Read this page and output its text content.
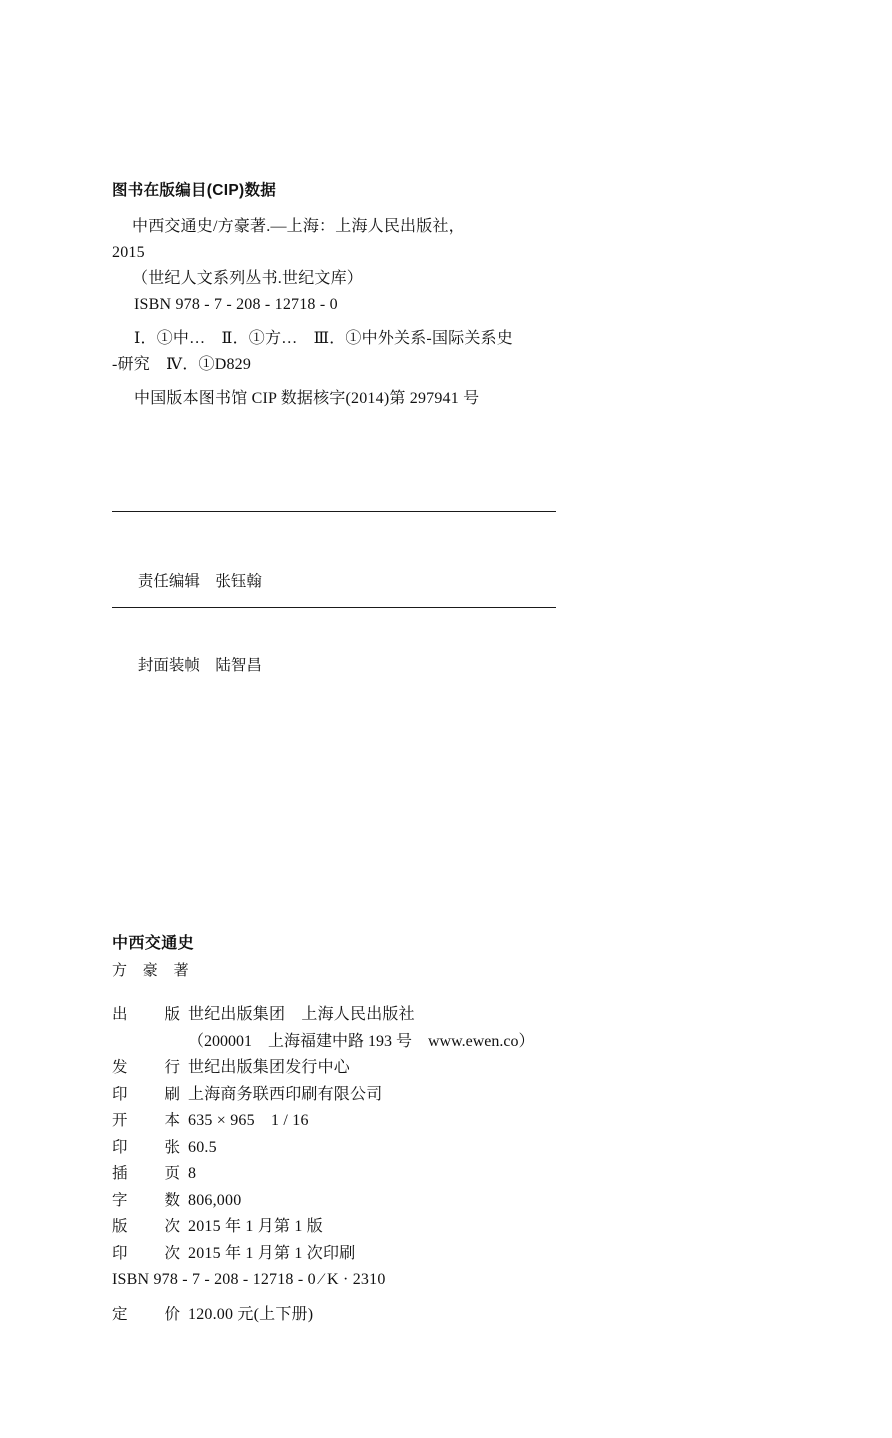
图书在版编目(CIP)数据
中西交通史/方豪著.—上海：上海人民出版社，
2015
（世纪人文系列丛书.世纪文库）
ISBN 978 - 7 - 208 - 12718 - 0
Ⅰ．①中…　Ⅱ．①方…　Ⅲ．①中外关系-国际关系史
-研究　Ⅳ．①D829
中国版本图书馆 CIP 数据核字(2014)第 297941 号

责任编辑　 张钰翰

封面装帧　 陆智昌

中西交通史
方　豪　著
出 版 世纪出版集团　上海人民出版社
（200001　上海福建中路 193 号　www.ewen.co）
发 行 世纪出版集团发行中心
印 刷 上海商务联西印刷有限公司
开 本 635 × 965　1 / 16
印 张 60.5
插 页 8
字 数 806,000
版 次 2015 年 1 月第 1 版
印 次 2015 年 1 月第 1 次印刷
ISBN 978 - 7 - 208 - 12718 - 0 ∕ K · 2310
定 价 120.00 元(上下册)
